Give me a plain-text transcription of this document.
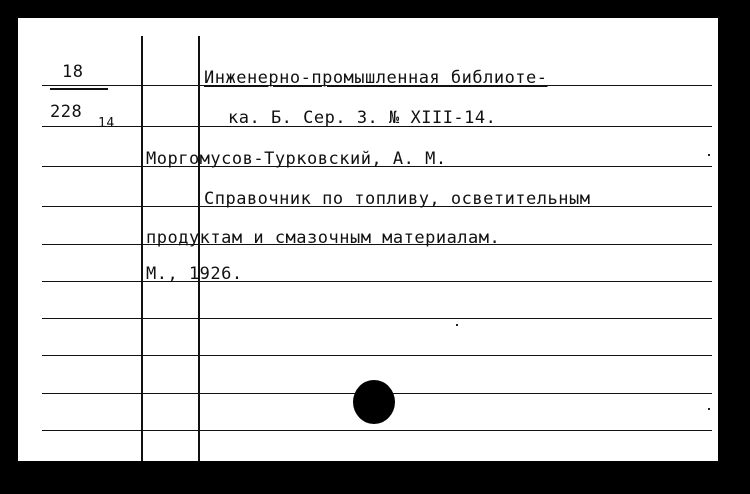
18
228
14
Инженерно-промышленная библиоте-
ка. Б. Сер. 3. № XIII-14.
Моргомусов-Турковский, А. М.
Справочник по топливу, осветительным
продуктам и смазочным материалам.
М., 1926.
